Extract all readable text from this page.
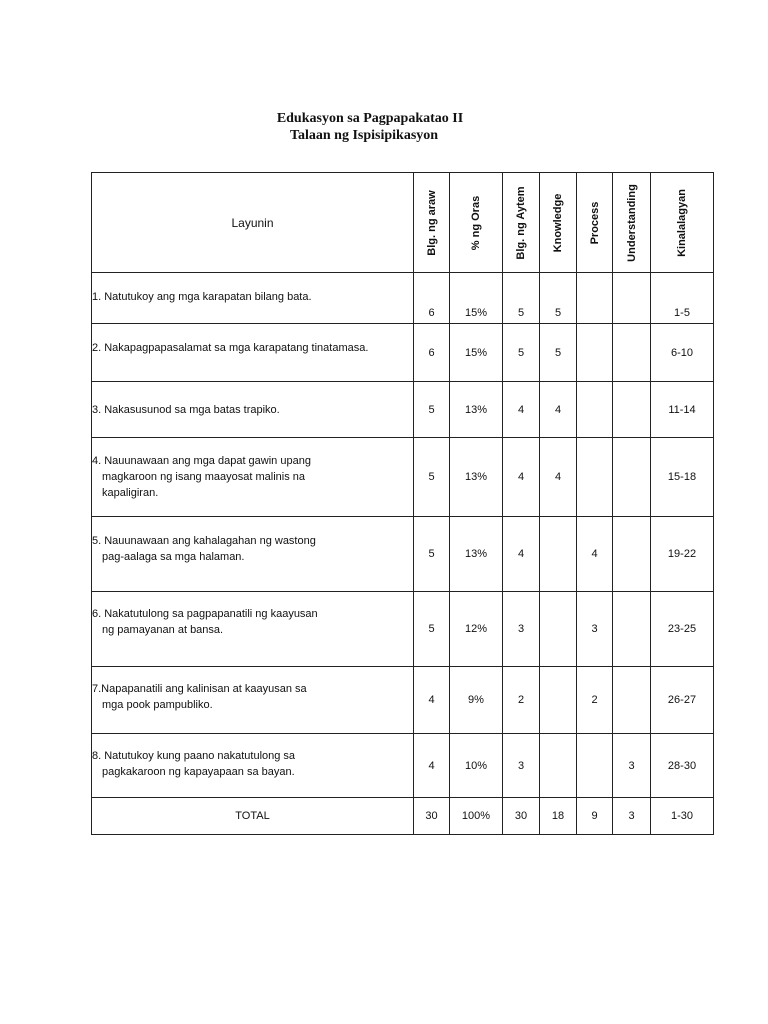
Edukasyon sa Pagpapakatao II
Talaan ng Ispisipikasyon
Layunin	Blg. ng araw	% ng Oras	Blg. ng Aytem	Knowledge	Process	Understanding	Kinalalagyan

1. Natutukoy ang mga karapatan bilang bata.	6	15%	5	5			1-5
2. Nakapagpapasalamat sa mga karapatang tinatamasa.	6	15%	5	5			6-10
3. Nakasusunod sa mga batas trapiko.	5	13%	4	4			11-14
4. Nauunawaan ang mga dapat gawin upang
magkaroon ng isang maayosat malinis na
kapaligiran.	5	13%	4	4			15-18
5. Nauunawaan ang kahalagahan ng wastong
pag-aalaga sa mga halaman.	5	13%	4		4		19-22
6. Nakatutulong sa pagpapanatili ng kaayusan
ng pamayanan at bansa.	5	12%	3		3		23-25
7.Napapanatili ang kalinisan at kaayusan sa
mga pook pampubliko.	4	9%	2		2		26-27
8. Natutukoy kung paano nakatutulong sa
pagkakaroon ng kapayapaan sa bayan.	4	10%	3			3	28-30
TOTAL	30	100%	30	18	9	3	1-30
